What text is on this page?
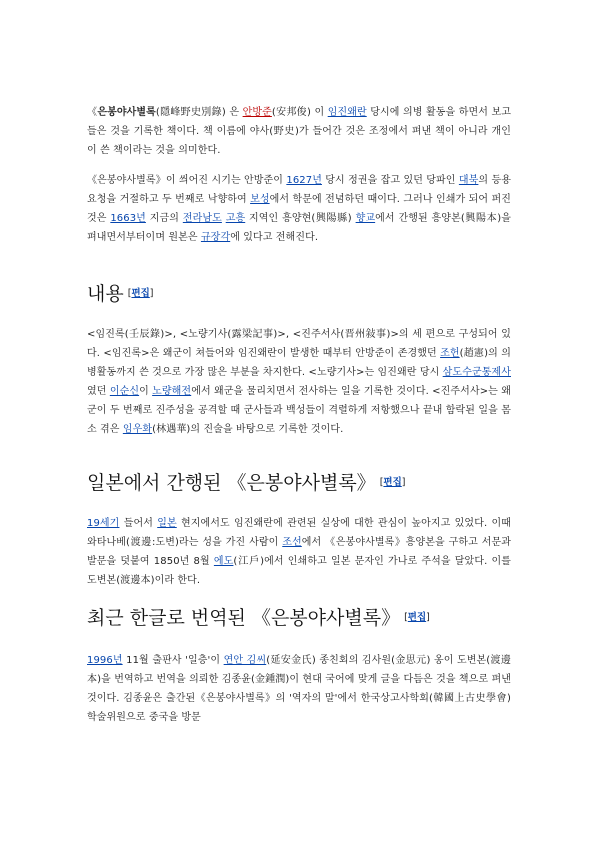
《은봉야사별록(隱峰野史別錄) 은 안방준(安邦俊) 이 임진왜란 당시에 의병 활동을 하면서 보고 들은 것을 기록한 책이다. 책 이름에 야사(野史)가 들어간 것은 조정에서 펴낸 책이 아니라 개인이 쓴 책이라는 것을 의미한다.

《은봉야사별록》이 씌어진 시기는 안방준이 1627년 당시 정권을 잡고 있던 당파인 대북의 등용 요청을 거절하고 두 번째로 낙향하여 보성에서 학문에 전념하던 때이다. 그러나 인쇄가 되어 퍼진 것은 1663년 지금의 전라남도 고흥 지역인 흥양현(興陽縣) 향교에서 간행된 흥양본(興陽本)을 펴내면서부터이며 원본은 규장각에 있다고 전해진다.

내용 [편집]

<임진록(壬辰錄)>, <노량기사(露梁記事)>, <진주서사(晋州敍事)>의 세 편으로 구성되어 있다. <임진록>은 왜군이 쳐들어와 임진왜란이 발생한 때부터 안방준이 존경했던 조헌(趙憲)의 의병활동까지 쓴 것으로 가장 많은 부분을 차지한다. <노량기사>는 임진왜란 당시 삼도수군통제사였던 이순신이 노량해전에서 왜군을 물리치면서 전사하는 일을 기록한 것이다. <진주서사>는 왜군이 두 번째로 진주성을 공격할 때 군사들과 백성들이 격렬하게 저항했으나 끝내 함락된 일을 몸소 겪은 임우화(林遇華)의 진술을 바탕으로 기록한 것이다.

일본에서 간행된 《은봉야사별록》 [편집]

19세기 들어서 일본 현지에서도 임진왜란에 관련된 실상에 대한 관심이 높아지고 있었다. 이때 와타나베(渡邊:도변)라는 성을 가진 사람이 조선에서 《은봉야사별록》흥양본을 구하고 서문과 발문을 덧붙여 1850년 8월 에도(江戶)에서 인쇄하고 일본 문자인 가나로 주석을 달았다. 이를 도변본(渡邊本)이라 한다.

최근 한글로 번역된 《은봉야사별록》 [편집]

1996년 11월 출판사 '일층'이 연안 김씨(延安金氏) 종친회의 김사원(金思元) 옹이 도변본(渡邊本)을 번역하고 번역을 의뢰한 김종윤(金鍾潤)이 현대 국어에 맞게 글을 다듬은 것을 책으로 펴낸 것이다. 김종윤은 출간된《은봉야사별록》의 '역자의 말'에서 한국상고사학회(韓國上古史學會) 학술위원으로 중국을 방문
